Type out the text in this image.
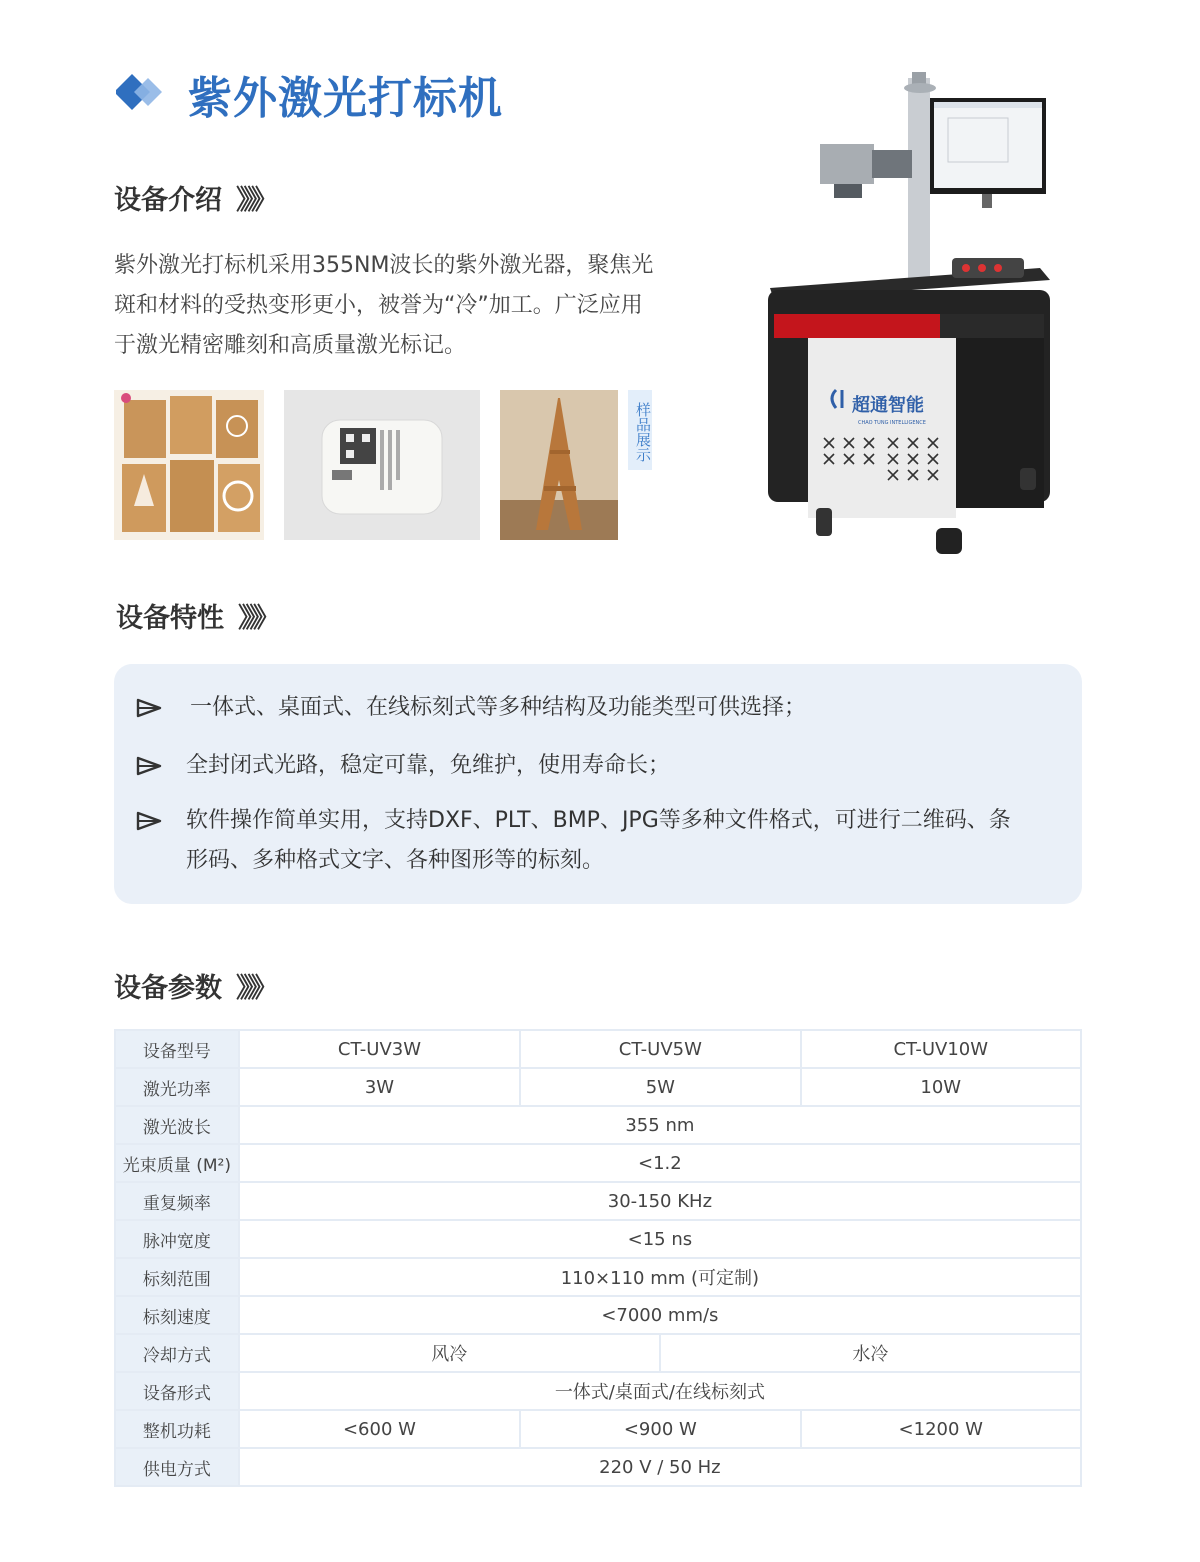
紫外激光打标机
设备介绍 》》》
紫外激光打标机采用355NM波长的紫外激光器，聚焦光
斑和材料的受热变形更小，被誉为“冷”加工。广泛应用
于激光精密雕刻和高质量激光标记。
样品展示	超通智能
CHAO TUNG INTELLIGENCE
设备特性 》》》
一体式、桌面式、在线标刻式等多种结构及功能类型可供选择；
全封闭式光路，稳定可靠，免维护，使用寿命长；
软件操作简单实用，支持DXF、PLT、BMP、JPG等多种文件格式，可进行二维码、条
形码、多种格式文字、各种图形等的标刻。
设备参数 》》》
设备型号	CT-UV3W	CT-UV5W		CT-UV10W
激光功率	3W	5W		10W
激光波长	355 nm			
光束质量 (M²)	<1.2			
重复频率	30-150 KHz			
脉冲宽度	<15 ns			
标刻范围	110×110 mm (可定制)			
标刻速度	<7000 mm/s			
冷却方式	风冷		水冷	
设备形式	一体式/桌面式/在线标刻式			
整机功耗	<600 W	<900 W		<1200 W
供电方式	220 V / 50 Hz			
